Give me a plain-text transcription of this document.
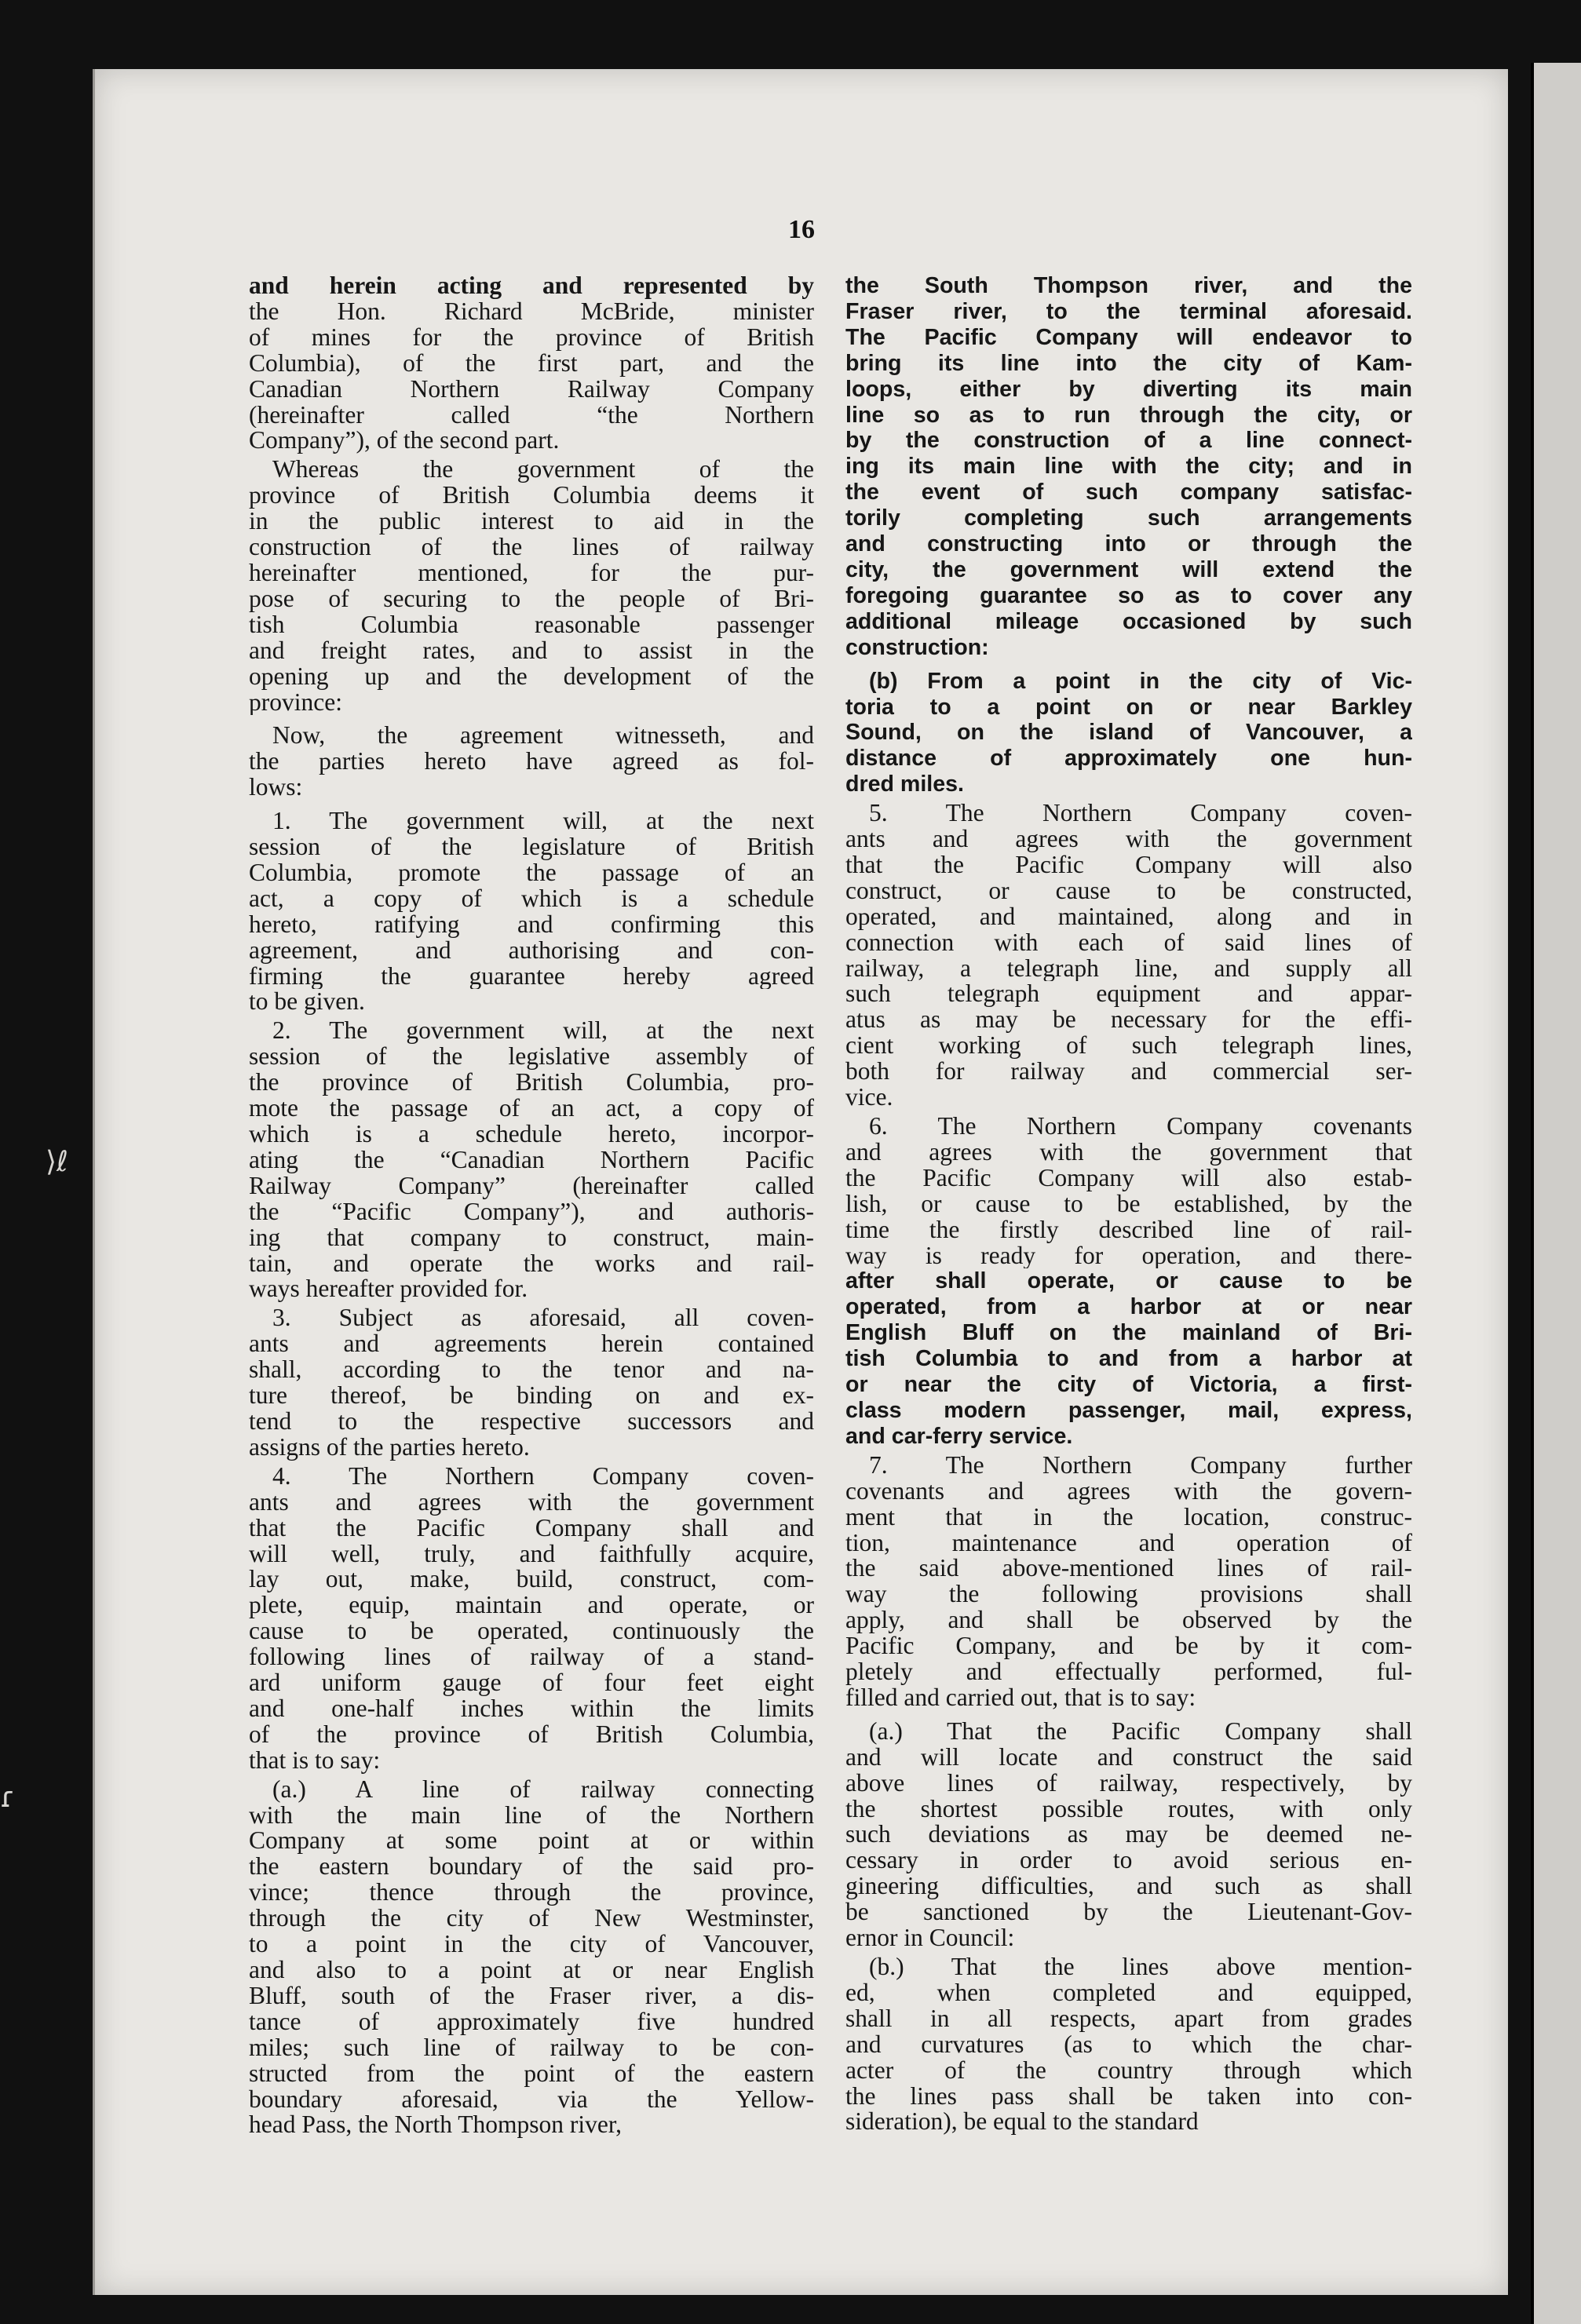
16
and herein acting and represented by
the Hon. Richard McBride, minister
of mines for the province of British
Columbia), of the first part, and the
Canadian Northern Railway Company
(hereinafter called “the Northern
Company”), of the second part.
Whereas the government of the
province of British Columbia deems it
in the public interest to aid in the
construction of the lines of railway
hereinafter mentioned, for the pur-
pose of securing to the people of Bri-
tish Columbia reasonable passenger
and freight rates, and to assist in the
opening up and the development of the
province:
Now, the agreement witnesseth, and
the parties hereto have agreed as fol-
lows:
1. The government will, at the next
session of the legislature of British
Columbia, promote the passage of an
act, a copy of which is a schedule
hereto, ratifying and confirming this
agreement, and authorising and con-
firming the guarantee hereby agreed
to be given.
2. The government will, at the next
session of the legislative assembly of
the province of British Columbia, pro-
mote the passage of an act, a copy of
which is a schedule hereto, incorpor-
ating the “Canadian Northern Pacific
Railway Company” (hereinafter called
the “Pacific Company”), and authoris-
ing that company to construct, main-
tain, and operate the works and rail-
ways hereafter provided for.
3. Subject as aforesaid, all coven-
ants and agreements herein contained
shall, according to the tenor and na-
ture thereof, be binding on and ex-
tend to the respective successors and
assigns of the parties hereto.
4. The Northern Company coven-
ants and agrees with the government
that the Pacific Company shall and
will well, truly, and faithfully acquire,
lay out, make, build, construct, com-
plete, equip, maintain and operate, or
cause to be operated, continuously the
following lines of railway of a stand-
ard uniform gauge of four feet eight
and one-half inches within the limits
of the province of British Columbia,
that is to say:
(a.) A line of railway connecting
with the main line of the Northern
Company at some point at or within
the eastern boundary of the said pro-
vince; thence through the province,
through the city of New Westminster,
to a point in the city of Vancouver,
and also to a point at or near English
Bluff, south of the Fraser river, a dis-
tance of approximately five hundred
miles; such line of railway to be con-
structed from the point of the eastern
boundary aforesaid, via the Yellow-
head Pass, the North Thompson river,
the South Thompson river, and the
Fraser river, to the terminal aforesaid.
The Pacific Company will endeavor to
bring its line into the city of Kam-
loops, either by diverting its main
line so as to run through the city, or
by the construction of a line connect-
ing its main line with the city; and in
the event of such company satisfac-
torily completing such arrangements
and constructing into or through the
city, the government will extend the
foregoing guarantee so as to cover any
additional mileage occasioned by such
construction:
(b) From a point in the city of Vic-
toria to a point on or near Barkley
Sound, on the island of Vancouver, a
distance of approximately one hun-
dred miles.
5. The Northern Company coven-
ants and agrees with the government
that the Pacific Company will also
construct, or cause to be constructed,
operated, and maintained, along and in
connection with each of said lines of
railway, a telegraph line, and supply all
such telegraph equipment and appar-
atus as may be necessary for the effi-
cient working of such telegraph lines,
both for railway and commercial ser-
vice.
6. The Northern Company covenants
and agrees with the government that
the Pacific Company will also estab-
lish, or cause to be established, by the
time the firstly described line of rail-
way is ready for operation, and there-
after shall operate, or cause to be
operated, from a harbor at or near
English Bluff on the mainland of Bri-
tish Columbia to and from a harbor at
or near the city of Victoria, a first-
class modern passenger, mail, express,
and car-ferry service.
7. The Northern Company further
covenants and agrees with the govern-
ment that in the location, construc-
tion, maintenance and operation of
the said above-mentioned lines of rail-
way the following provisions shall
apply, and shall be observed by the
Pacific Company, and be by it com-
pletely and effectually performed, ful-
filled and carried out, that is to say:
(a.) That the Pacific Company shall
and will locate and construct the said
above lines of railway, respectively, by
the shortest possible routes, with only
such deviations as may be deemed ne-
cessary in order to avoid serious en-
gineering difficulties, and such as shall
be sanctioned by the Lieutenant-Gov-
ernor in Council:
(b.) That the lines above mention-
ed, when completed and equipped,
shall in all respects, apart from grades
and curvatures (as to which the char-
acter of the country through which
the lines pass shall be taken into con-
sideration), be equal to the standard
⟩ℓ
ɾ
